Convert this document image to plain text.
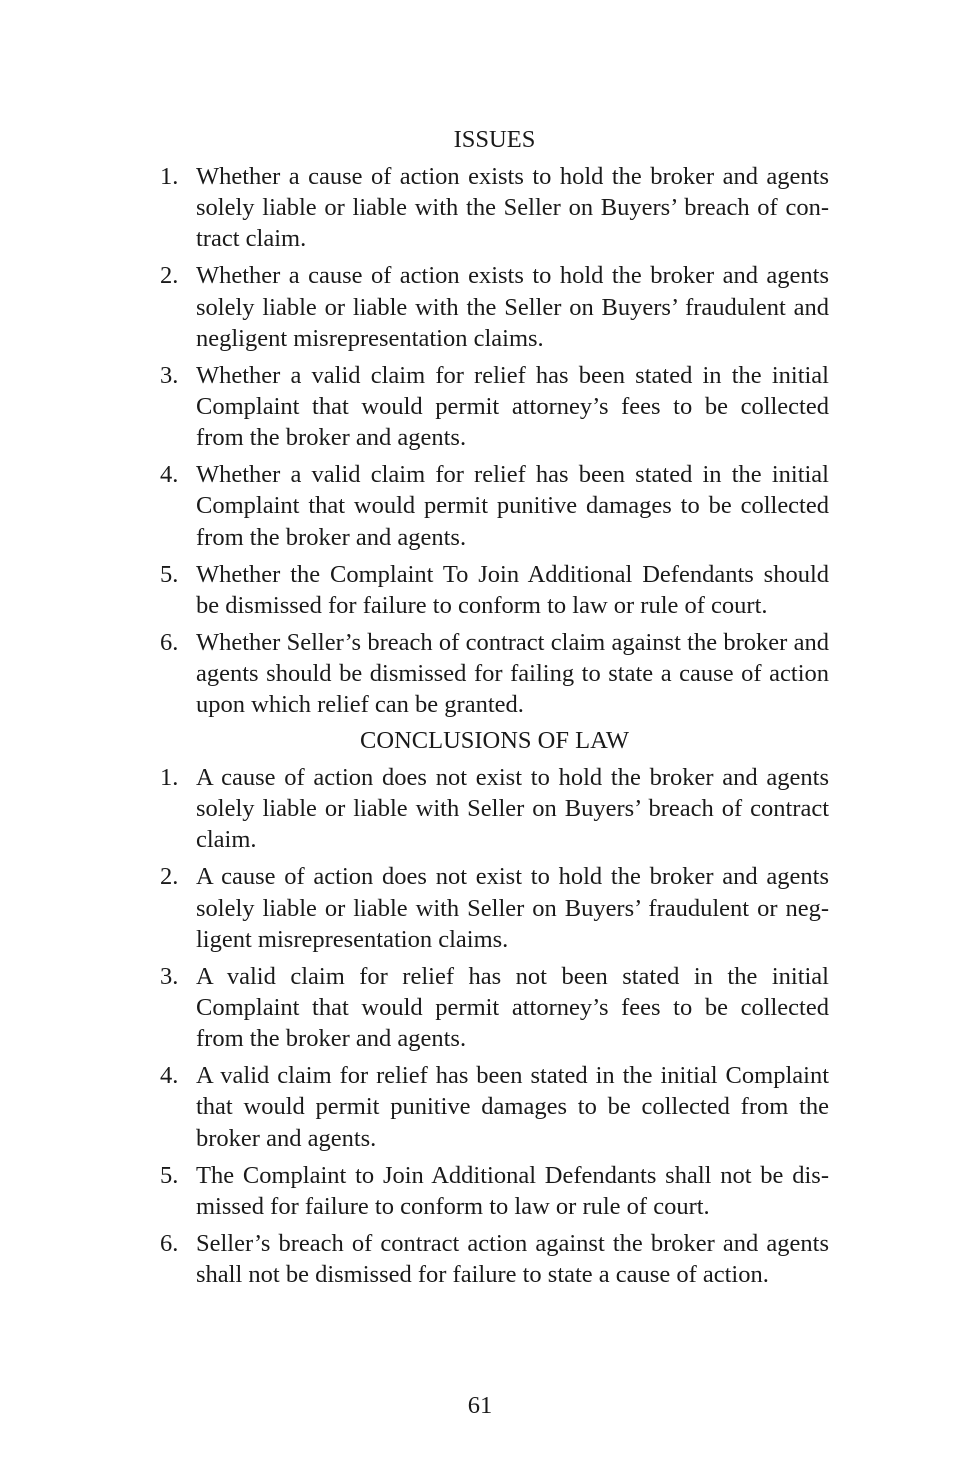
ISSUES
1. Whether a cause of action exists to hold the broker and agents solely liable or liable with the Seller on Buyers’ breach of contract claim.
2. Whether a cause of action exists to hold the broker and agents solely liable or liable with the Seller on Buyers’ fraudulent and negligent misrepresentation claims.
3. Whether a valid claim for relief has been stated in the initial Complaint that would permit attorney’s fees to be collected from the broker and agents.
4. Whether a valid claim for relief has been stated in the initial Complaint that would permit punitive damages to be collected from the broker and agents.
5. Whether the Complaint To Join Additional Defendants should be dismissed for failure to conform to law or rule of court.
6. Whether Seller’s breach of contract claim against the broker and agents should be dismissed for failing to state a cause of action upon which relief can be granted.
CONCLUSIONS OF LAW
1. A cause of action does not exist to hold the broker and agents solely liable or liable with Seller on Buyers’ breach of contract claim.
2. A cause of action does not exist to hold the broker and agents solely liable or liable with Seller on Buyers’ fraudulent or negligent misrepresentation claims.
3. A valid claim for relief has not been stated in the initial Complaint that would permit attorney’s fees to be collected from the broker and agents.
4. A valid claim for relief has been stated in the initial Complaint that would permit punitive damages to be collected from the broker and agents.
5. The Complaint to Join Additional Defendants shall not be dismissed for failure to conform to law or rule of court.
6. Seller’s breach of contract action against the broker and agents shall not be dismissed for failure to state a cause of action.
61
